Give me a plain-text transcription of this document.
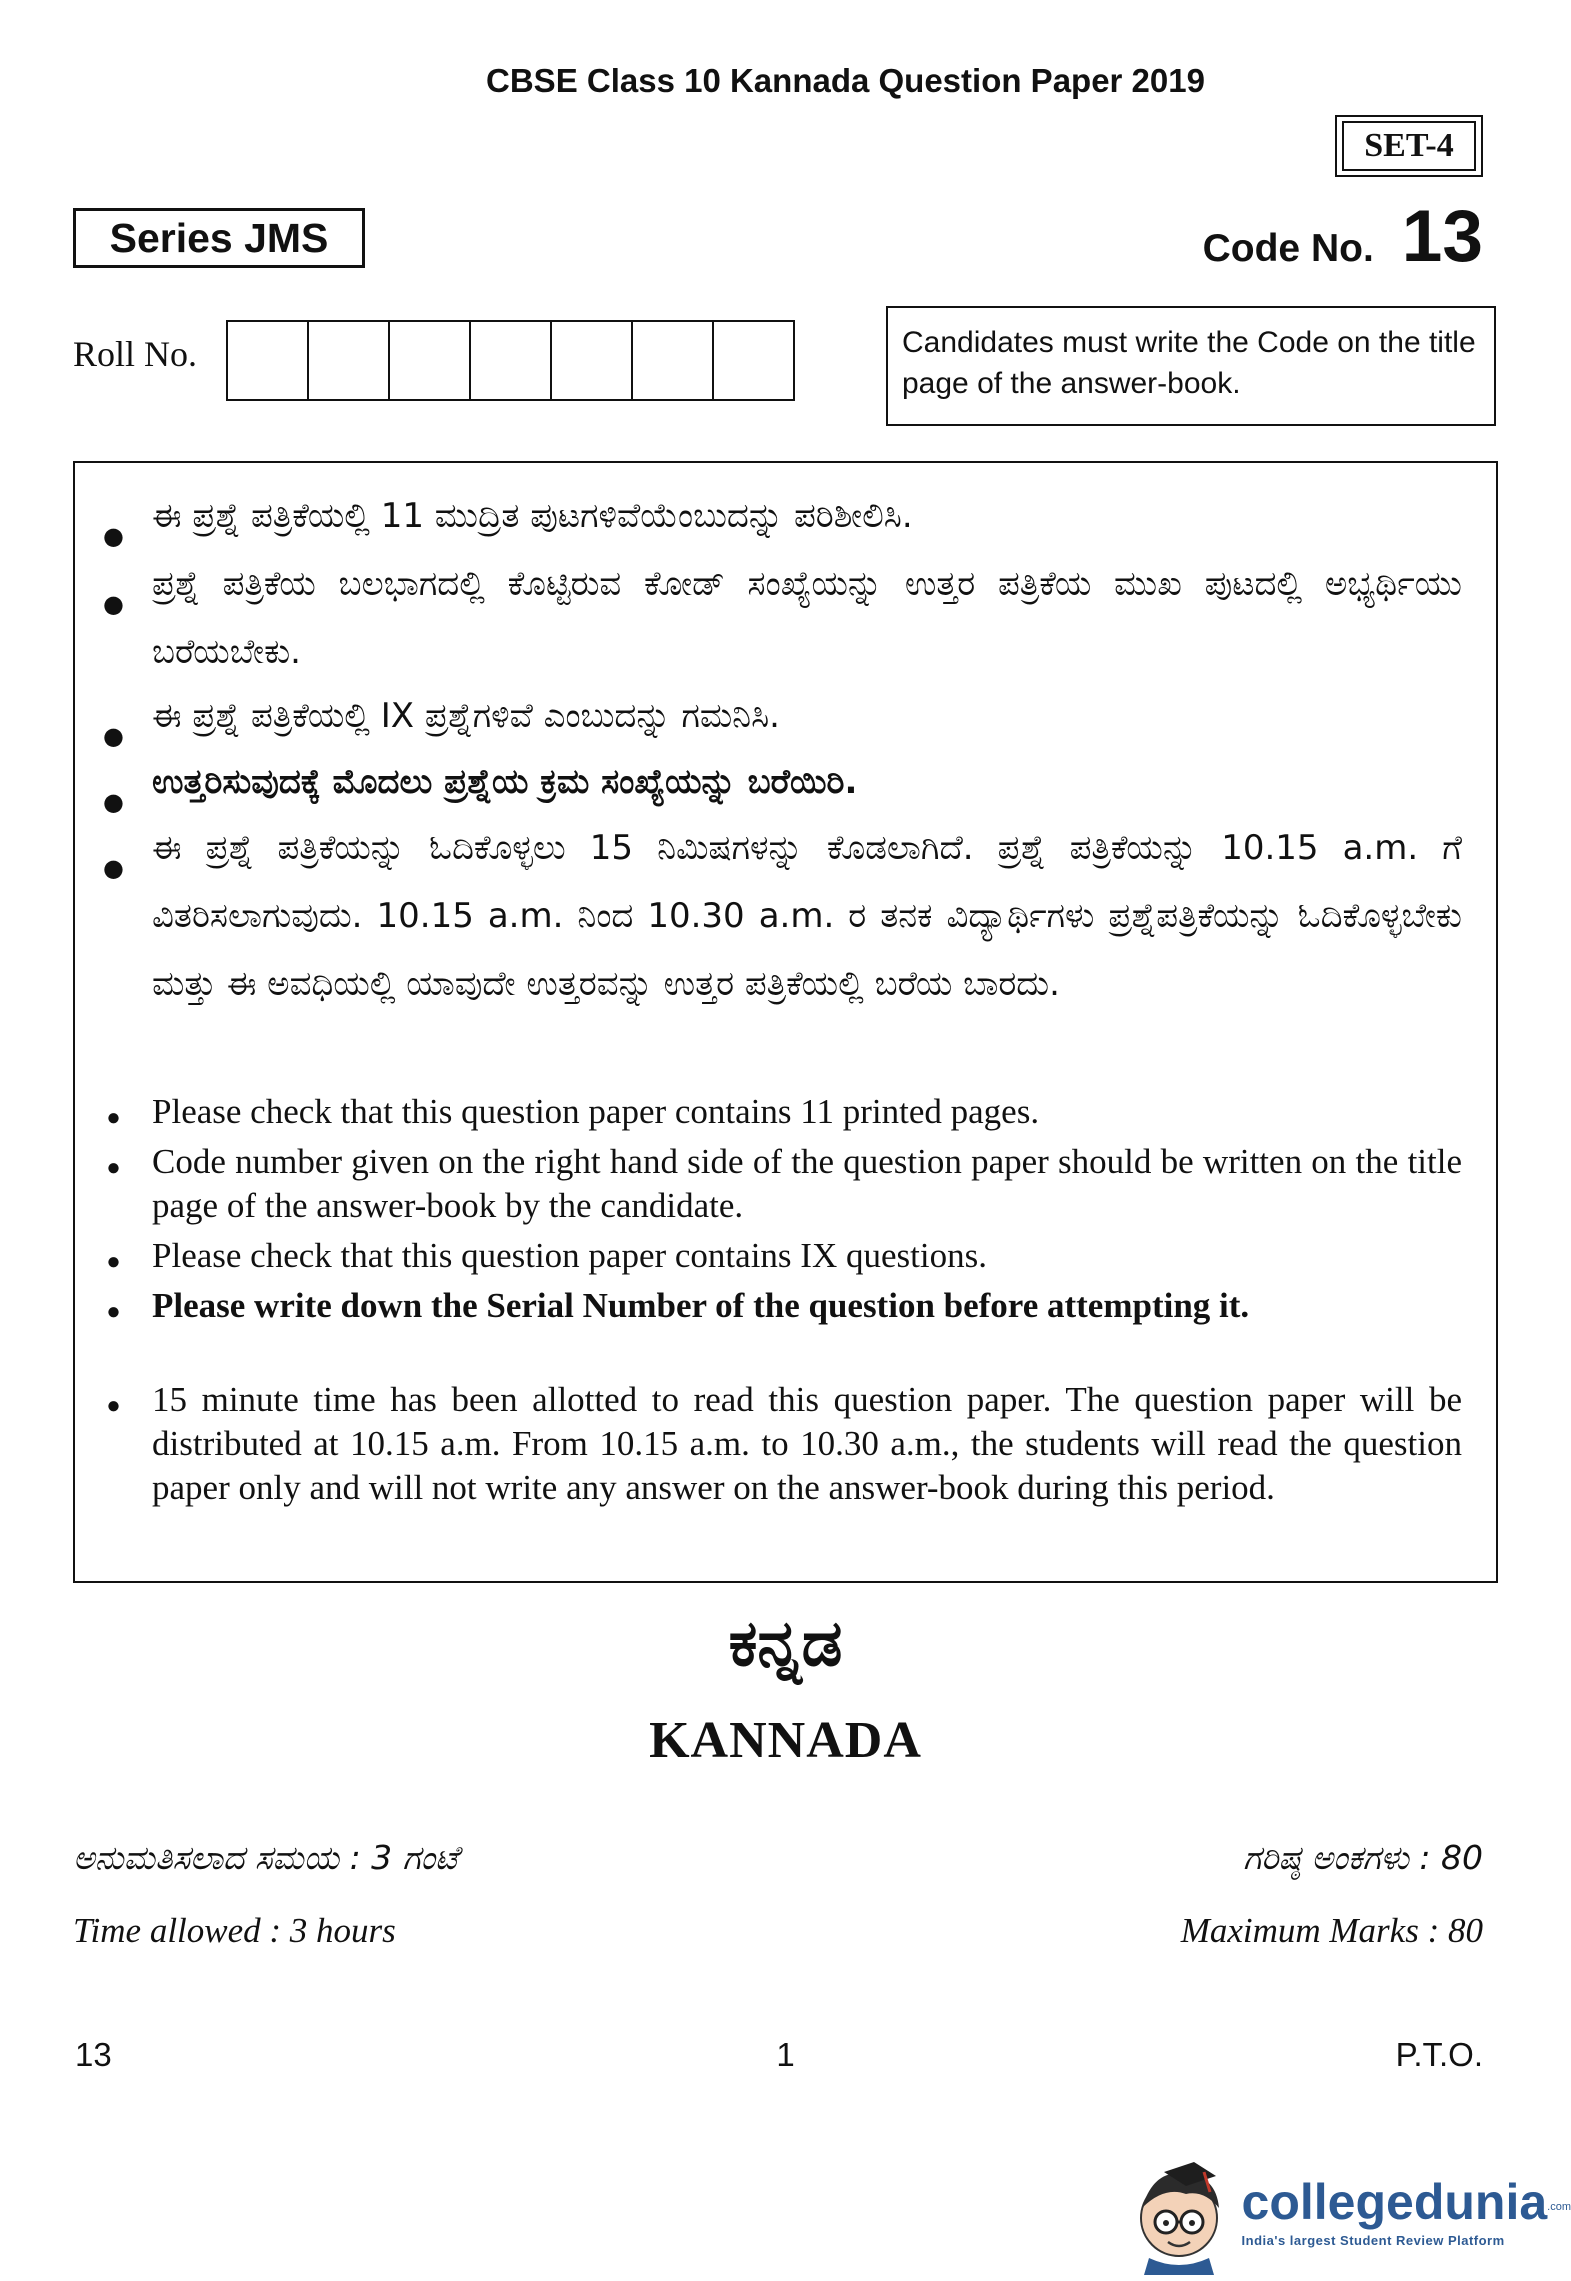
CBSE Class 10 Kannada Question Paper 2019
SET-4
Series JMS	Code No. 13
Roll No.	Candidates must write the Code on the title page of the answer-book.
● ಈ ಪ್ರಶ್ನೆ ಪತ್ರಿಕೆಯಲ್ಲಿ 11 ಮುದ್ರಿತ ಪುಟಗಳಿವೆಯೆಂಬುದನ್ನು ಪರಿಶೀಲಿಸಿ.
● ಪ್ರಶ್ನೆ ಪತ್ರಿಕೆಯ ಬಲಭಾಗದಲ್ಲಿ ಕೊಟ್ಟಿರುವ ಕೋಡ್ ಸಂಖ್ಯೆಯನ್ನು ಉತ್ತರ ಪತ್ರಿಕೆಯ ಮುಖ ಪುಟದಲ್ಲಿ ಅಭ್ಯರ್ಥಿಯು ಬರೆಯಬೇಕು.
● ಈ ಪ್ರಶ್ನೆ ಪತ್ರಿಕೆಯಲ್ಲಿ IX ಪ್ರಶ್ನೆಗಳಿವೆ ಎಂಬುದನ್ನು ಗಮನಿಸಿ.
● ಉತ್ತರಿಸುವುದಕ್ಕೆ ಮೊದಲು ಪ್ರಶ್ನೆಯ ಕ್ರಮ ಸಂಖ್ಯೆಯನ್ನು ಬರೆಯಿರಿ.
● ಈ ಪ್ರಶ್ನೆ ಪತ್ರಿಕೆಯನ್ನು ಓದಿಕೊಳ್ಳಲು 15 ನಿಮಿಷಗಳನ್ನು ಕೊಡಲಾಗಿದೆ. ಪ್ರಶ್ನೆ ಪತ್ರಿಕೆಯನ್ನು 10.15 a.m. ಗೆ ವಿತರಿಸಲಾಗುವುದು. 10.15 a.m. ನಿಂದ 10.30 a.m. ರ ತನಕ ವಿದ್ಯಾರ್ಥಿಗಳು ಪ್ರಶ್ನೆಪತ್ರಿಕೆಯನ್ನು ಓದಿಕೊಳ್ಳಬೇಕು ಮತ್ತು ಈ ಅವಧಿಯಲ್ಲಿ ಯಾವುದೇ ಉತ್ತರವನ್ನು ಉತ್ತರ ಪತ್ರಿಕೆಯಲ್ಲಿ ಬರೆಯ ಬಾರದು.
● Please check that this question paper contains 11 printed pages.
● Code number given on the right hand side of the question paper should be written on the title page of the answer-book by the candidate.
● Please check that this question paper contains IX questions.
● Please write down the Serial Number of the question before attempting it.
● 15 minute time has been allotted to read this question paper. The question paper will be distributed at 10.15 a.m. From 10.15 a.m. to 10.30 a.m., the students will read the question paper only and will not write any answer on the answer-book during this period.
ಕನ್ನಡ
KANNADA
ಅನುಮತಿಸಲಾದ ಸಮಯ : 3 ಗಂಟೆ	ಗರಿಷ್ಠ ಅಂಕಗಳು : 80
Time allowed : 3 hours	Maximum Marks : 80
13	1	P.T.O.
collegedunia .com
India's largest Student Review Platform
